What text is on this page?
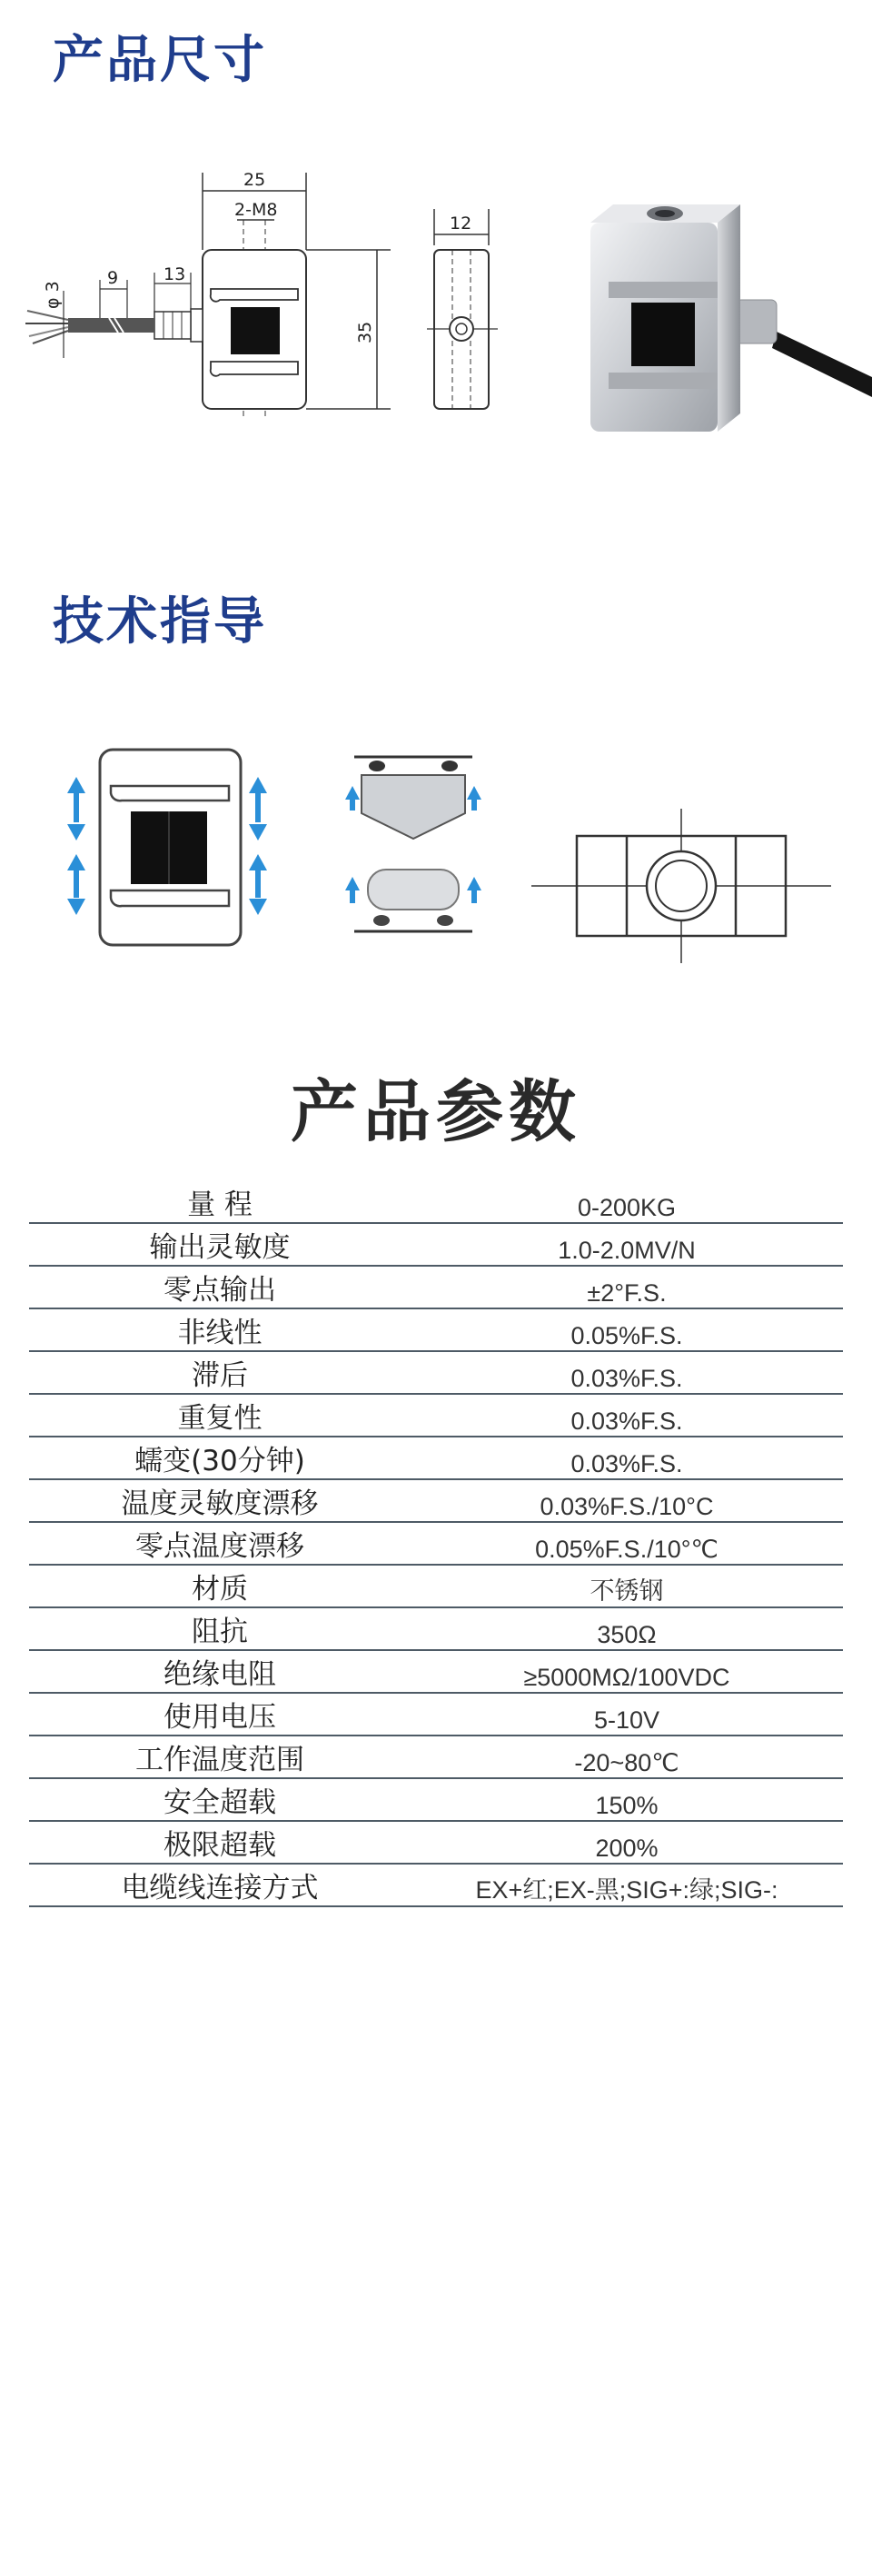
产品尺寸
25
2-M8
35
13
9
φ 3
12
技术指导
产品参数
量 程	0-200KG
输出灵敏度	1.0-2.0MV/N
零点输出	±2°F.S.
非线性	0.05%F.S.
滞后	0.03%F.S.
重复性	0.03%F.S.
蠕变(30分钟)	0.03%F.S.
温度灵敏度漂移	0.03%F.S./10°C
零点温度漂移	0.05%F.S./10°℃
材质	不锈钢
阻抗	350Ω
绝缘电阻	≥5000MΩ/100VDC
使用电压	5-10V
工作温度范围	-20~80℃
安全超载	150%
极限超载	200%
电缆线连接方式	EX+红;EX-黑;SIG+:绿;SIG-:
